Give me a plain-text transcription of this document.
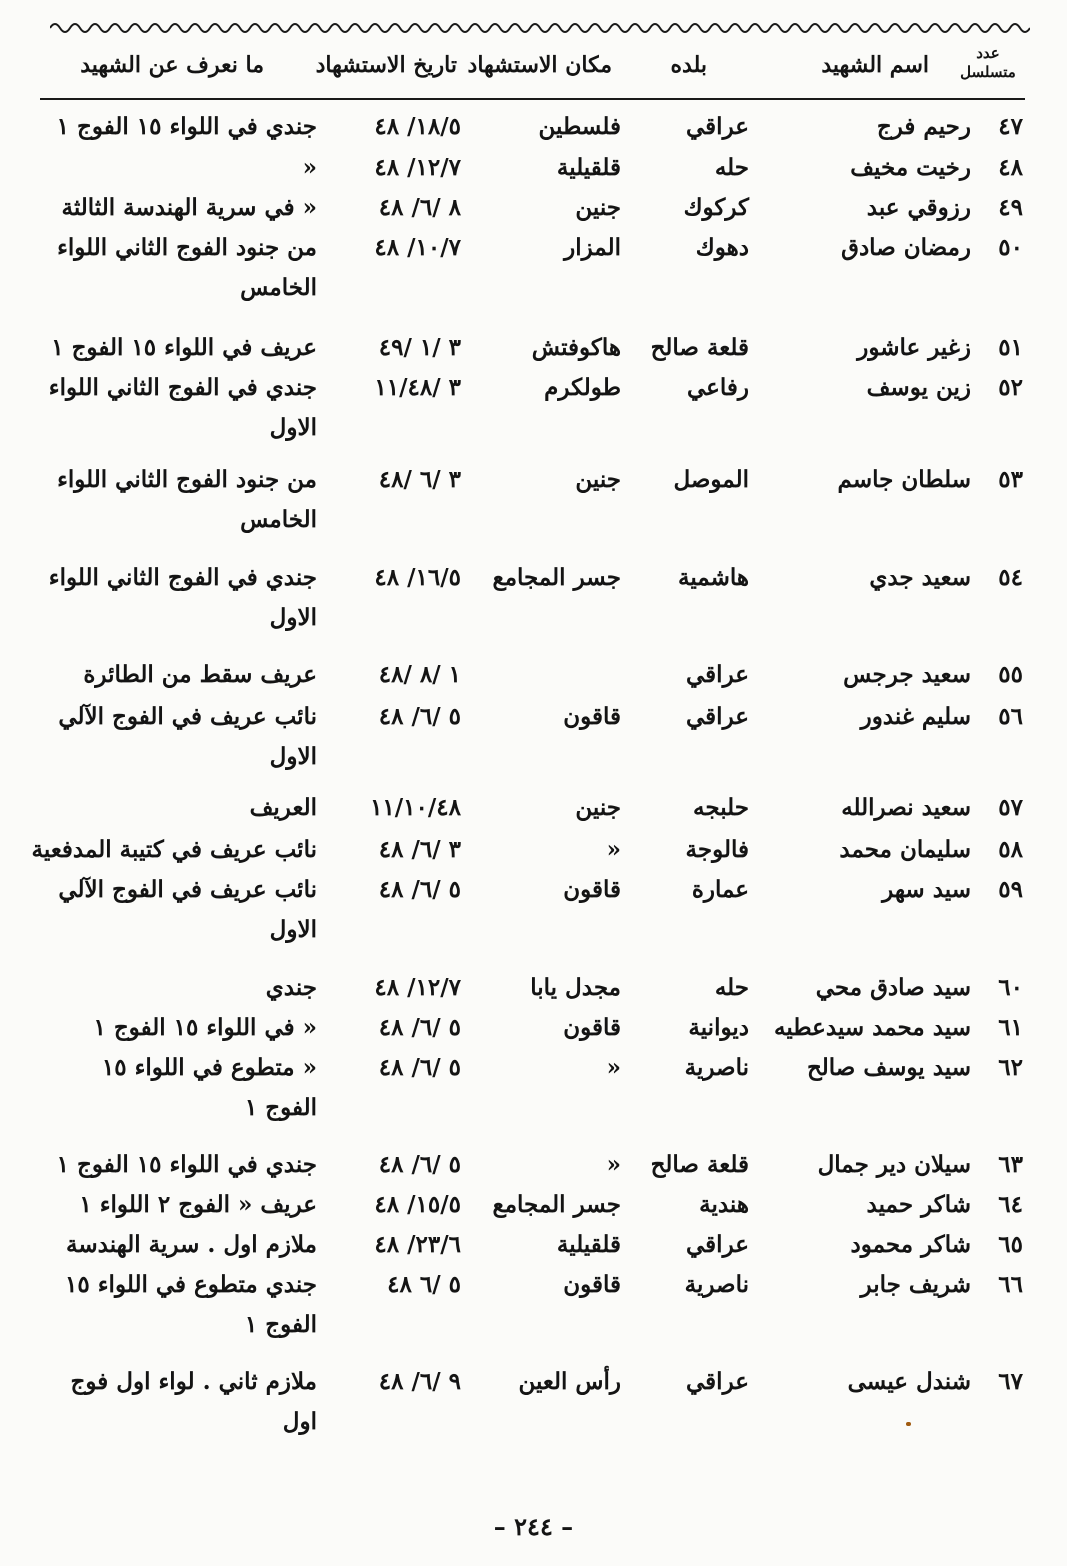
عدد متسلسل
اسم الشهيد
بلده
مكان الاستشهاد
تاريخ الاستشهاد
ما نعرف عن الشهيد
٤٧
رحيم فرج
عراقي
فلسطين
١٨/٥/ ٤٨
جندي في اللواء ١٥ الفوج ١
٤٨
رخيت مخيف
حله
قلقيلية
١٢/٧/ ٤٨
«
٤٩
رزوقي عبد
كركوك
جنين
٨ /٦/ ٤٨
« في سرية الهندسة الثالثة
٥٠
رمضان صادق
دهوك
المزار
١٠/٧/ ٤٨
من جنود الفوج الثاني اللواء
الخامس
٥١
زغير عاشور
قلعة صالح
هاكوفتش
٣ /١ /٤٩
عريف في اللواء ١٥ الفوج ١
٥٢
زين يوسف
رفاعي
طولكرم
٣ /١١/٤٨
جندي في الفوج الثاني اللواء
الاول
٥٣
سلطان جاسم
الموصل
جنين
٣ /٦ /٤٨
من جنود الفوج الثاني اللواء
الخامس
٥٤
سعيد جدي
هاشمية
جسر المجامع
١٦/٥/ ٤٨
جندي في الفوج الثاني اللواء
الاول
٥٥
سعيد جرجس
عراقي
١ /٨ /٤٨
عريف سقط من الطائرة
٥٦
سليم غندور
عراقي
قاقون
٥ /٦/ ٤٨
نائب عريف في الفوج الآلي
الاول
٥٧
سعيد نصرالله
حلبجه
جنين
١١/١٠/٤٨
العريف
٥٨
سليمان محمد
فالوجة
«
٣ /٦/ ٤٨
نائب عريف في كتيبة المدفعية
٥٩
سيد سهر
عمارة
قاقون
٥ /٦/ ٤٨
نائب عريف في الفوج الآلي
الاول
٦٠
سيد صادق محي
حله
مجدل يابا
١٢/٧/ ٤٨
جندي
٦١
سيد محمد سيدعطيه
ديوانية
قاقون
٥ /٦/ ٤٨
« في اللواء ١٥ الفوج ١
٦٢
سيد يوسف صالح
ناصرية
«
٥ /٦/ ٤٨
« متطوع في اللواء ١٥
الفوج ١
٦٣
سيلان دير جمال
قلعة صالح
«
٥ /٦/ ٤٨
جندي في اللواء ١٥ الفوج ١
٦٤
شاكر حميد
هندية
جسر المجامع
١٥/٥/ ٤٨
عريف « الفوج ٢ اللواء ١
٦٥
شاكر محمود
عراقي
قلقيلية
٢٣/٦/ ٤٨
ملازم اول . سرية الهندسة
٦٦
شريف جابر
ناصرية
قاقون
٥ /٦ ٤٨
جندي متطوع في اللواء ١٥
الفوج ١
٦٧
شندل عيسى
عراقي
رأس العين
٩ /٦/ ٤٨
ملازم ثاني . لواء اول فوج
اول
– ٢٤٤ –
